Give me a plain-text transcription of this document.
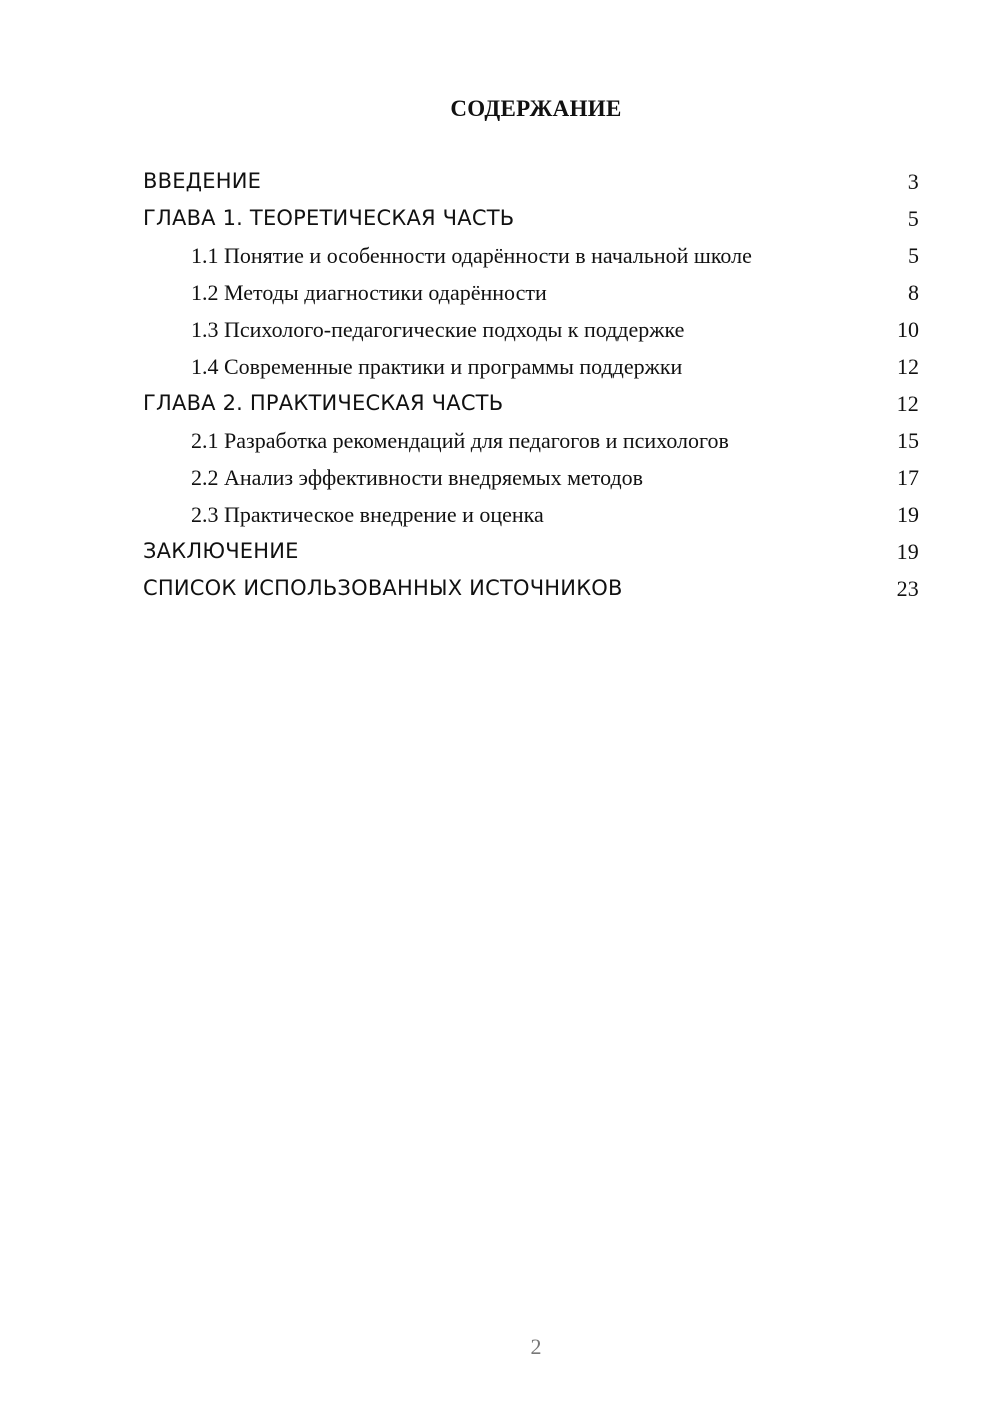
СОДЕРЖАНИЕ
ВВЕДЕНИЕ	3
ГЛАВА 1. ТЕОРЕТИЧЕСКАЯ ЧАСТЬ	5
1.1 Понятие и особенности одарённости в начальной школе	5
1.2 Методы диагностики одарённости	8
1.3 Психолого-педагогические подходы к поддержке	10
1.4 Современные практики и программы поддержки	12
ГЛАВА 2. ПРАКТИЧЕСКАЯ ЧАСТЬ	12
2.1 Разработка рекомендаций для педагогов и психологов	15
2.2 Анализ эффективности внедряемых методов	17
2.3 Практическое внедрение и оценка	19
ЗАКЛЮЧЕНИЕ	19
СПИСОК ИСПОЛЬЗОВАННЫХ ИСТОЧНИКОВ	23
2
